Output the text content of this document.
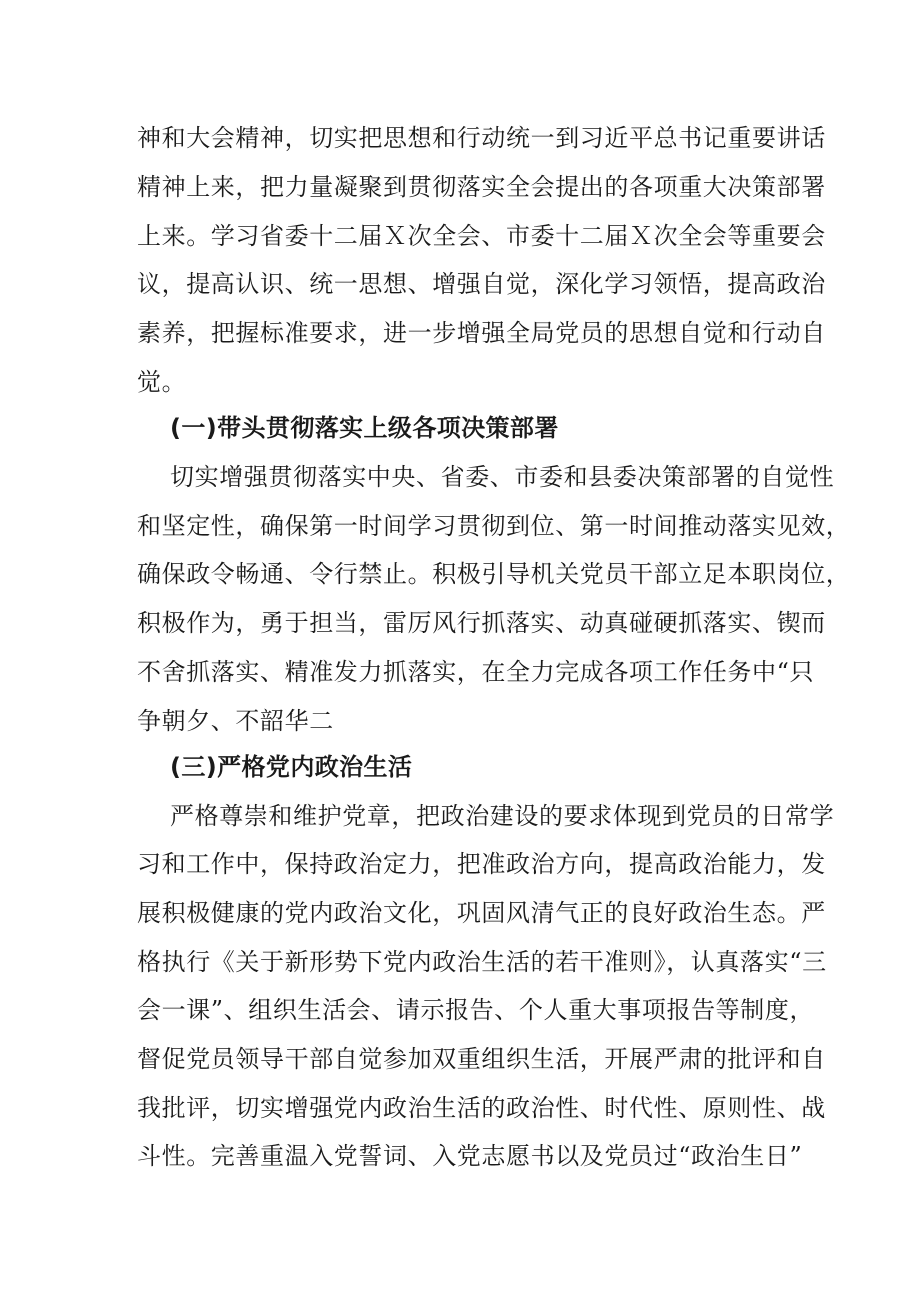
神和大会精神，切实把思想和行动统一到习近平总书记重要讲话
精神上来，把力量凝聚到贯彻落实全会提出的各项重大决策部署
上来。学习省委十二届Ｘ次全会、市委十二届Ｘ次全会等重要会
议，提高认识、统一思想、增强自觉，深化学习领悟，提高政治
素养，把握标准要求，进一步增强全局党员的思想自觉和行动自
觉。
(一)带头贯彻落实上级各项决策部署
切实增强贯彻落实中央、省委、市委和县委决策部署的自觉性
和坚定性，确保第一时间学习贯彻到位、第一时间推动落实见效，
确保政令畅通、令行禁止。积极引导机关党员干部立足本职岗位，
积极作为，勇于担当，雷厉风行抓落实、动真碰硬抓落实、锲而
不舍抓落实、精准发力抓落实，在全力完成各项工作任务中“只
争朝夕、不韶华二
(三)严格党内政治生活
严格尊崇和维护党章，把政治建设的要求体现到党员的日常学
习和工作中，保持政治定力，把准政治方向，提高政治能力，发
展积极健康的党内政治文化，巩固风清气正的良好政治生态。严
格执行《关于新形势下党内政治生活的若干准则》，认真落实“三
会一课”、组织生活会、请示报告、个人重大事项报告等制度，
督促党员领导干部自觉参加双重组织生活，开展严肃的批评和自
我批评，切实增强党内政治生活的政治性、时代性、原则性、战
斗性。完善重温入党誓词、入党志愿书以及党员过“政治生日”
